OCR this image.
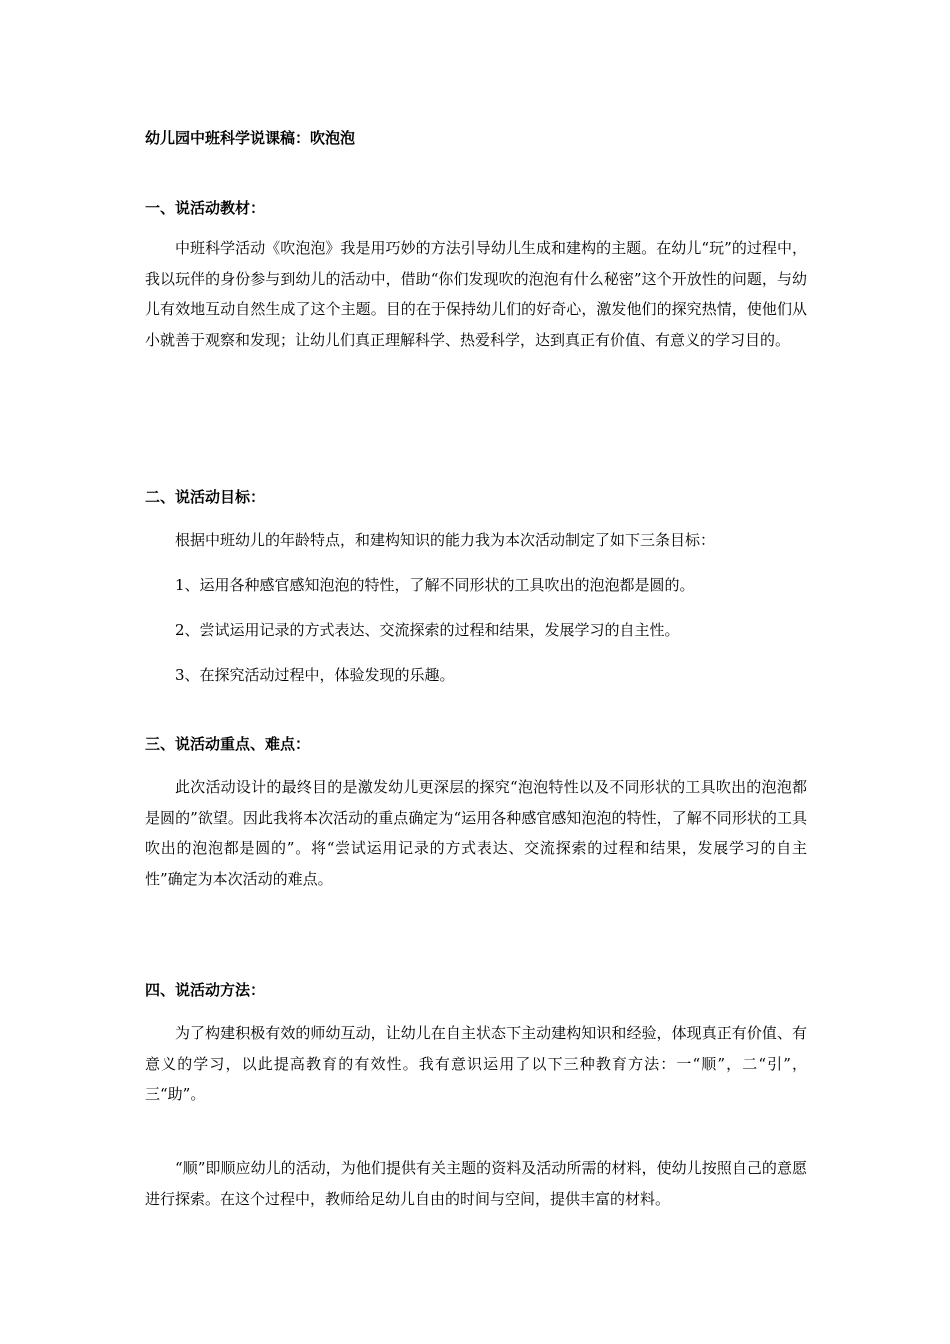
幼儿园中班科学说课稿：吹泡泡
一、说活动教材：

中班科学活动《吹泡泡》我是用巧妙的方法引导幼儿生成和建构的主题。在幼儿“玩”的过程中，我以玩伴的身份参与到幼儿的活动中，借助“你们发现吹的泡泡有什么秘密”这个开放性的问题，与幼儿有效地互动自然生成了这个主题。目的在于保持幼儿们的好奇心，激发他们的探究热情，使他们从小就善于观察和发现；让幼儿们真正理解科学、热爱科学，达到真正有价值、有意义的学习目的。

二、说活动目标：

根据中班幼儿的年龄特点，和建构知识的能力我为本次活动制定了如下三条目标：

1、运用各种感官感知泡泡的特性，了解不同形状的工具吹出的泡泡都是圆的。

2、尝试运用记录的方式表达、交流探索的过程和结果，发展学习的自主性。

3、在探究活动过程中，体验发现的乐趣。

三、说活动重点、难点：

此次活动设计的最终目的是激发幼儿更深层的探究“泡泡特性以及不同形状的工具吹出的泡泡都是圆的”欲望。因此我将本次活动的重点确定为“运用各种感官感知泡泡的特性，了解不同形状的工具吹出的泡泡都是圆的”。将“尝试运用记录的方式表达、交流探索的过程和结果，发展学习的自主性”确定为本次活动的难点。

四、说活动方法：

为了构建积极有效的师幼互动，让幼儿在自主状态下主动建构知识和经验，体现真正有价值、有意义的学习，以此提高教育的有效性。我有意识运用了以下三种教育方法：一“顺”，二“引”，三“助”。

“顺”即顺应幼儿的活动，为他们提供有关主题的资料及活动所需的材料，使幼儿按照自己的意愿进行探索。在这个过程中，教师给足幼儿自由的时间与空间，提供丰富的材料。
